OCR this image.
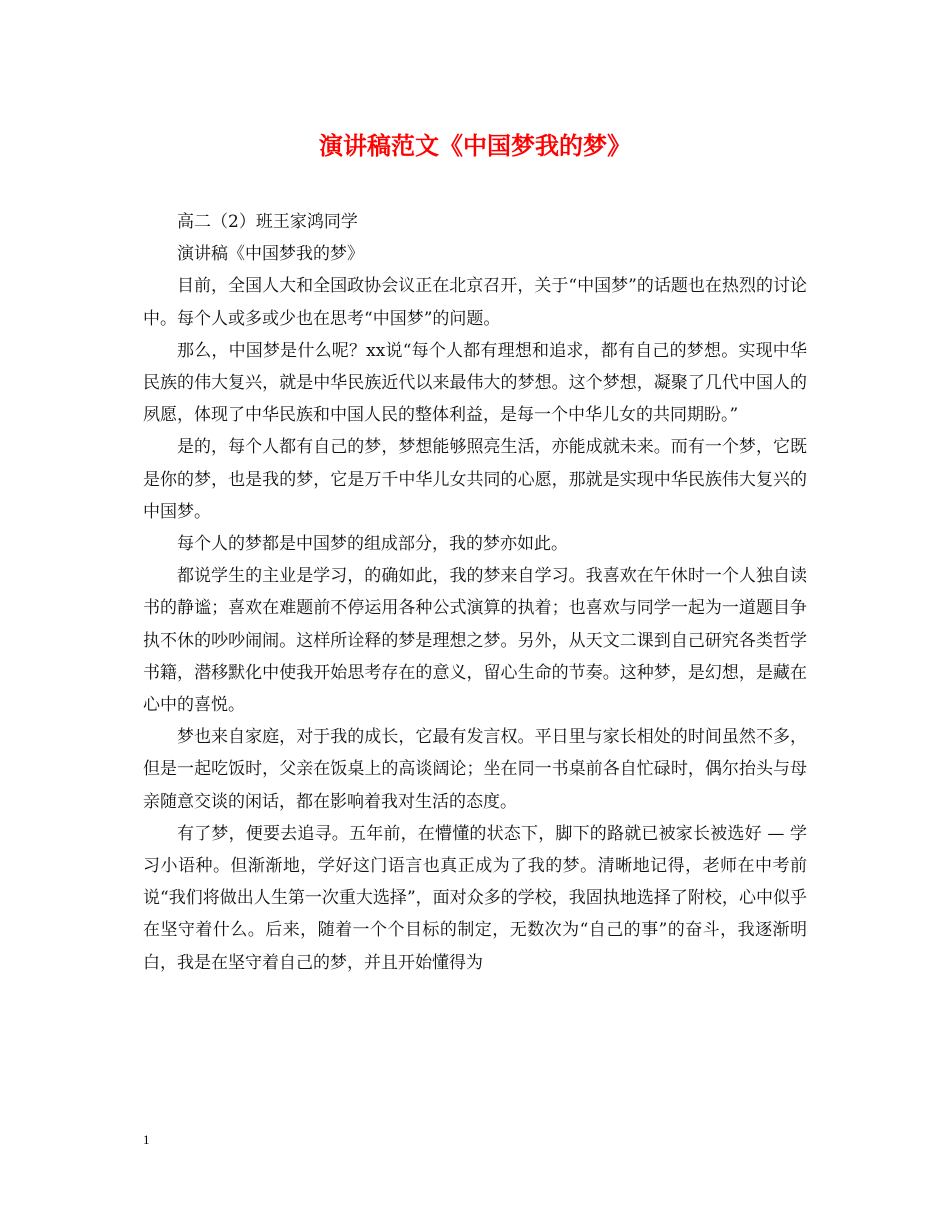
演讲稿范文《中国梦我的梦》

高二（2）班王家鸿同学

演讲稿《中国梦我的梦》

目前，全国人大和全国政协会议正在北京召开，关于“中国梦”的话题也在热烈的讨论中。每个人或多或少也在思考“中国梦”的问题。

那么，中国梦是什么呢？xx说“每个人都有理想和追求，都有自己的梦想。实现中华民族的伟大复兴，就是中华民族近代以来最伟大的梦想。这个梦想，凝聚了几代中国人的夙愿，体现了中华民族和中国人民的整体利益，是每一个中华儿女的共同期盼。”

是的，每个人都有自己的梦，梦想能够照亮生活，亦能成就未来。而有一个梦，它既是你的梦，也是我的梦，它是万千中华儿女共同的心愿，那就是实现中华民族伟大复兴的中国梦。

每个人的梦都是中国梦的组成部分，我的梦亦如此。

都说学生的主业是学习，的确如此，我的梦来自学习。我喜欢在午休时一个人独自读书的静谧；喜欢在难题前不停运用各种公式演算的执着；也喜欢与同学一起为一道题目争执不休的吵吵闹闹。这样所诠释的梦是理想之梦。另外，从天文二课到自己研究各类哲学书籍，潜移默化中使我开始思考存在的意义，留心生命的节奏。这种梦，是幻想，是藏在心中的喜悦。

梦也来自家庭，对于我的成长，它最有发言权。平日里与家长相处的时间虽然不多，但是一起吃饭时，父亲在饭桌上的高谈阔论；坐在同一书桌前各自忙碌时，偶尔抬头与母亲随意交谈的闲话，都在影响着我对生活的态度。

有了梦，便要去追寻。五年前，在懵懂的状态下，脚下的路就已被家长被选好 — 学习小语种。但渐渐地，学好这门语言也真正成为了我的梦。清晰地记得，老师在中考前说“我们将做出人生第一次重大选择”，面对众多的学校，我固执地选择了附校，心中似乎在坚守着什么。后来，随着一个个目标的制定，无数次为“自己的事”的奋斗，我逐渐明白，我是在坚守着自己的梦，并且开始懂得为

1
